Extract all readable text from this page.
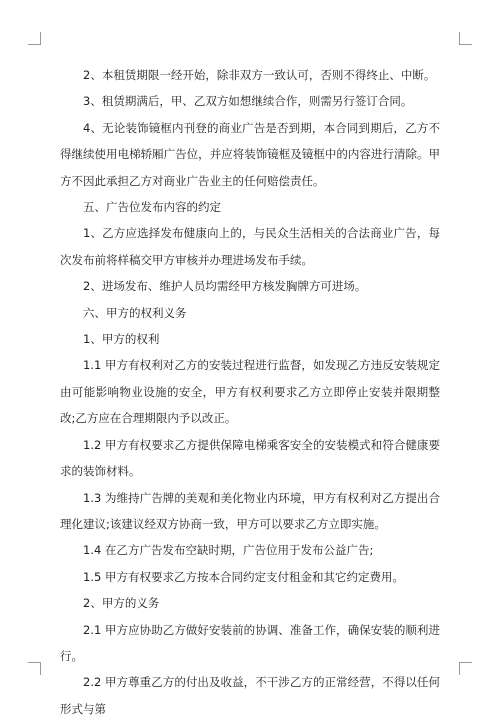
2、本租赁期限一经开始，除非双方一致认可，否则不得终止、中断。

3、租赁期满后，甲、乙双方如想继续合作，则需另行签订合同。

4、无论装饰镜框内刊登的商业广告是否到期，本合同到期后，乙方不得继续使用电梯轿厢广告位，并应将装饰镜框及镜框中的内容进行清除。甲方不因此承担乙方对商业广告业主的任何赔偿责任。

五、广告位发布内容的约定

1、乙方应选择发布健康向上的，与民众生活相关的合法商业广告，每次发布前将样稿交甲方审核并办理进场发布手续。

2、进场发布、维护人员均需经甲方核发胸牌方可进场。

六、甲方的权利义务

1、甲方的权利

1.1 甲方有权利对乙方的安装过程进行监督，如发现乙方违反安装规定由可能影响物业设施的安全，甲方有权利要求乙方立即停止安装并限期整改;乙方应在合理期限内予以改正。

1.2 甲方有权要求乙方提供保障电梯乘客安全的安装模式和符合健康要求的装饰材料。

1.3 为维持广告牌的美观和美化物业内环境，甲方有权利对乙方提出合理化建议;该建议经双方协商一致，甲方可以要求乙方立即实施。

1.4 在乙方广告发布空缺时期，广告位用于发布公益广告;

1.5 甲方有权要求乙方按本合同约定支付租金和其它约定费用。

2、甲方的义务

2.1 甲方应协助乙方做好安装前的协调、准备工作，确保安装的顺利进行。

2.2 甲方尊重乙方的付出及收益，不干涉乙方的正常经营，不得以任何形式与第
